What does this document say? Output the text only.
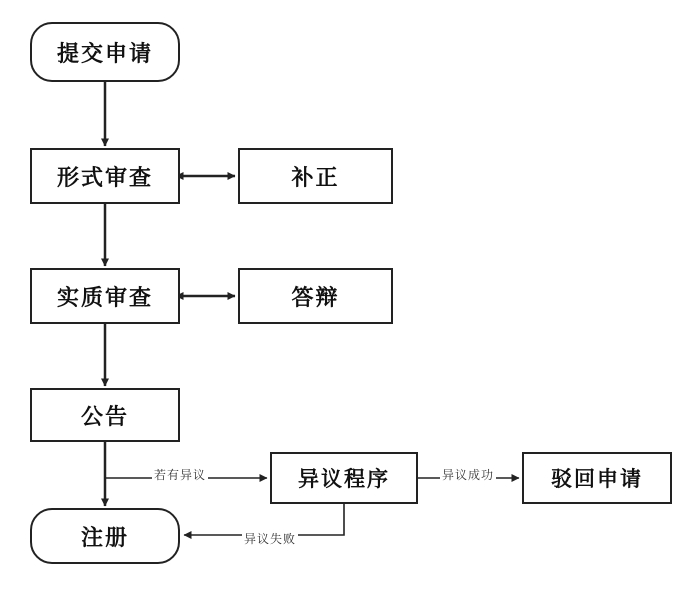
提交申请
形式审查	补正
实质审查	答辩
公告
注册
异议程序	驳回申请
若有异议	异议成功
异议失败
